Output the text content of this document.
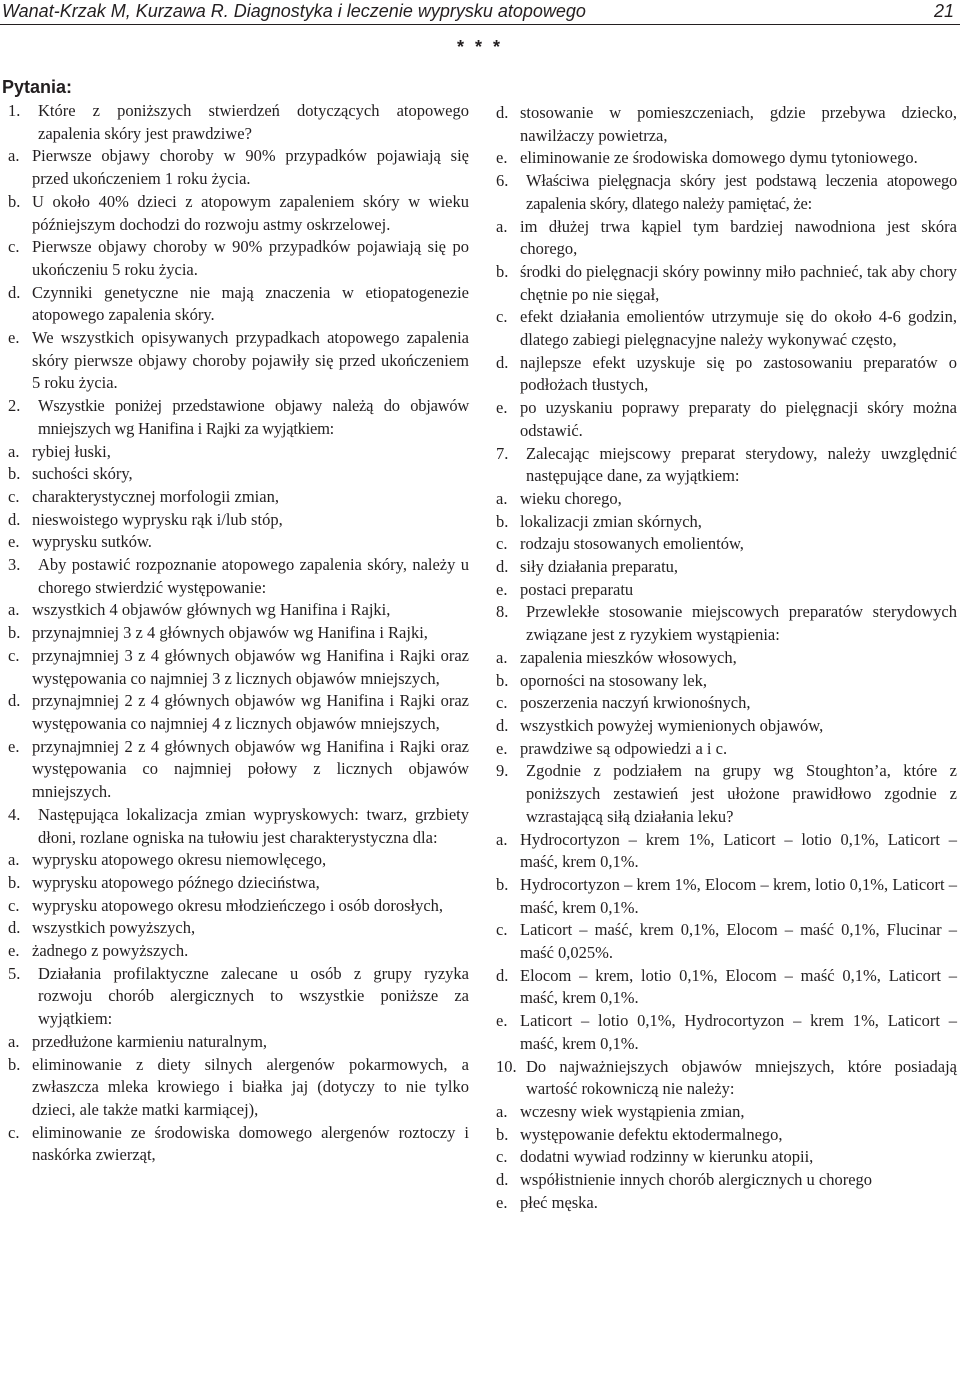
Wanat-Krzak M, Kurzawa R. Diagnostyka i leczenie wyprysku atopowego	21
* * *
Pytania:
1. Które z poniższych stwierdzeń dotyczących atopowego zapalenia skóry jest prawdziwe?
a. Pierwsze objawy choroby w 90% przypadków pojawiają się przed ukończeniem 1 roku życia.
b. U około 40% dzieci z atopowym zapaleniem skóry w wieku późniejszym dochodzi do rozwoju astmy oskrzelowej.
c. Pierwsze objawy choroby w 90% przypadków pojawiają się po ukończeniu 5 roku życia.
d. Czynniki genetyczne nie mają znaczenia w etiopatogenezie atopowego zapalenia skóry.
e. We wszystkich opisywanych przypadkach atopowego zapalenia skóry pierwsze objawy choroby pojawiły się przed ukończeniem 5 roku życia.
2. Wszystkie poniżej przedstawione objawy należą do objawów mniejszych wg Hanifina i Rajki za wyjątkiem:
a. rybiej łuski,
b. suchości skóry,
c. charakterystycznej morfologii zmian,
d. nieswoistego wyprysku rąk i/lub stóp,
e. wyprysku sutków.
3. Aby postawić rozpoznanie atopowego zapalenia skóry, należy u chorego stwierdzić występowanie:
a. wszystkich 4 objawów głównych wg Hanifina i Rajki,
b. przynajmniej 3 z 4 głównych objawów wg Hanifina i Rajki,
c. przynajmniej 3 z 4 głównych objawów wg Hanifina i Rajki oraz występowania co najmniej 3 z licznych objawów mniejszych,
d. przynajmniej 2 z 4 głównych objawów wg Hanifina i Rajki oraz występowania co najmniej 4 z licznych objawów mniejszych,
e. przynajmniej 2 z 4 głównych objawów wg Hanifina i Rajki oraz występowania co najmniej połowy z licznych objawów mniejszych.
4. Następująca lokalizacja zmian wypryskowych: twarz, grzbiety dłoni, rozlane ogniska na tułowiu jest charakterystyczna dla:
a. wyprysku atopowego okresu niemowlęcego,
b. wyprysku atopowego późnego dzieciństwa,
c. wyprysku atopowego okresu młodzieńczego i osób dorosłych,
d. wszystkich powyższych,
e. żadnego z powyższych.
5. Działania profilaktyczne zalecane u osób z grupy ryzyka rozwoju chorób alergicznych to wszystkie poniższe za wyjątkiem:
a. przedłużone karmieniu naturalnym,
b. eliminowanie z diety silnych alergenów pokarmowych, a zwłaszcza mleka krowiego i białka jaj (dotyczy to nie tylko dzieci, ale także matki karmiącej),
c. eliminowanie ze środowiska domowego alergenów roztoczy i naskórka zwierząt,
d. stosowanie w pomieszczeniach, gdzie przebywa dziecko, nawilżaczy powietrza,
e. eliminowanie ze środowiska domowego dymu tytoniowego.
6. Właściwa pielęgnacja skóry jest podstawą leczenia atopowego zapalenia skóry, dlatego należy pamiętać, że:
a. im dłużej trwa kąpiel tym bardziej nawodniona jest skóra chorego,
b. środki do pielęgnacji skóry powinny miło pachnieć, tak aby chory chętnie po nie sięgał,
c. efekt działania emolientów utrzymuje się do około 4-6 godzin, dlatego zabiegi pielęgnacyjne należy wykonywać często,
d. najlepsze efekt uzyskuje się po zastosowaniu preparatów o podłożach tłustych,
e. po uzyskaniu poprawy preparaty do pielęgnacji skóry można odstawić.
7. Zalecając miejscowy preparat sterydowy, należy uwzględnić następujące dane, za wyjątkiem:
a. wieku chorego,
b. lokalizacji zmian skórnych,
c. rodzaju stosowanych emolientów,
d. siły działania preparatu,
e. postaci preparatu
8. Przewlekłe stosowanie miejscowych preparatów sterydowych związane jest z ryzykiem wystąpienia:
a. zapalenia mieszków włosowych,
b. oporności na stosowany lek,
c. poszerzenia naczyń krwionośnych,
d. wszystkich powyżej wymienionych objawów,
e. prawdziwe są odpowiedzi a i c.
9. Zgodnie z podziałem na grupy wg Stoughton’a, które z poniższych zestawień jest ułożone prawidłowo zgodnie z wzrastającą siłą działania leku?
a. Hydrocortyzon – krem 1%, Laticort – lotio 0,1%, Laticort – maść, krem 0,1%.
b. Hydrocortyzon – krem 1%, Elocom – krem, lotio 0,1%, Laticort – maść, krem 0,1%.
c. Laticort – maść, krem 0,1%, Elocom – maść 0,1%, Flucinar – maść 0,025%.
d. Elocom – krem, lotio 0,1%, Elocom – maść 0,1%, Laticort – maść, krem 0,1%.
e. Laticort – lotio 0,1%, Hydrocortyzon – krem 1%, Laticort – maść, krem 0,1%.
10. Do najważniejszych objawów mniejszych, które posiadają wartość rokowniczą nie należy:
a. wczesny wiek wystąpienia zmian,
b. występowanie defektu ektodermalnego,
c. dodatni wywiad rodzinny w kierunku atopii,
d. współistnienie innych chorób alergicznych u chorego
e. płeć męska.
